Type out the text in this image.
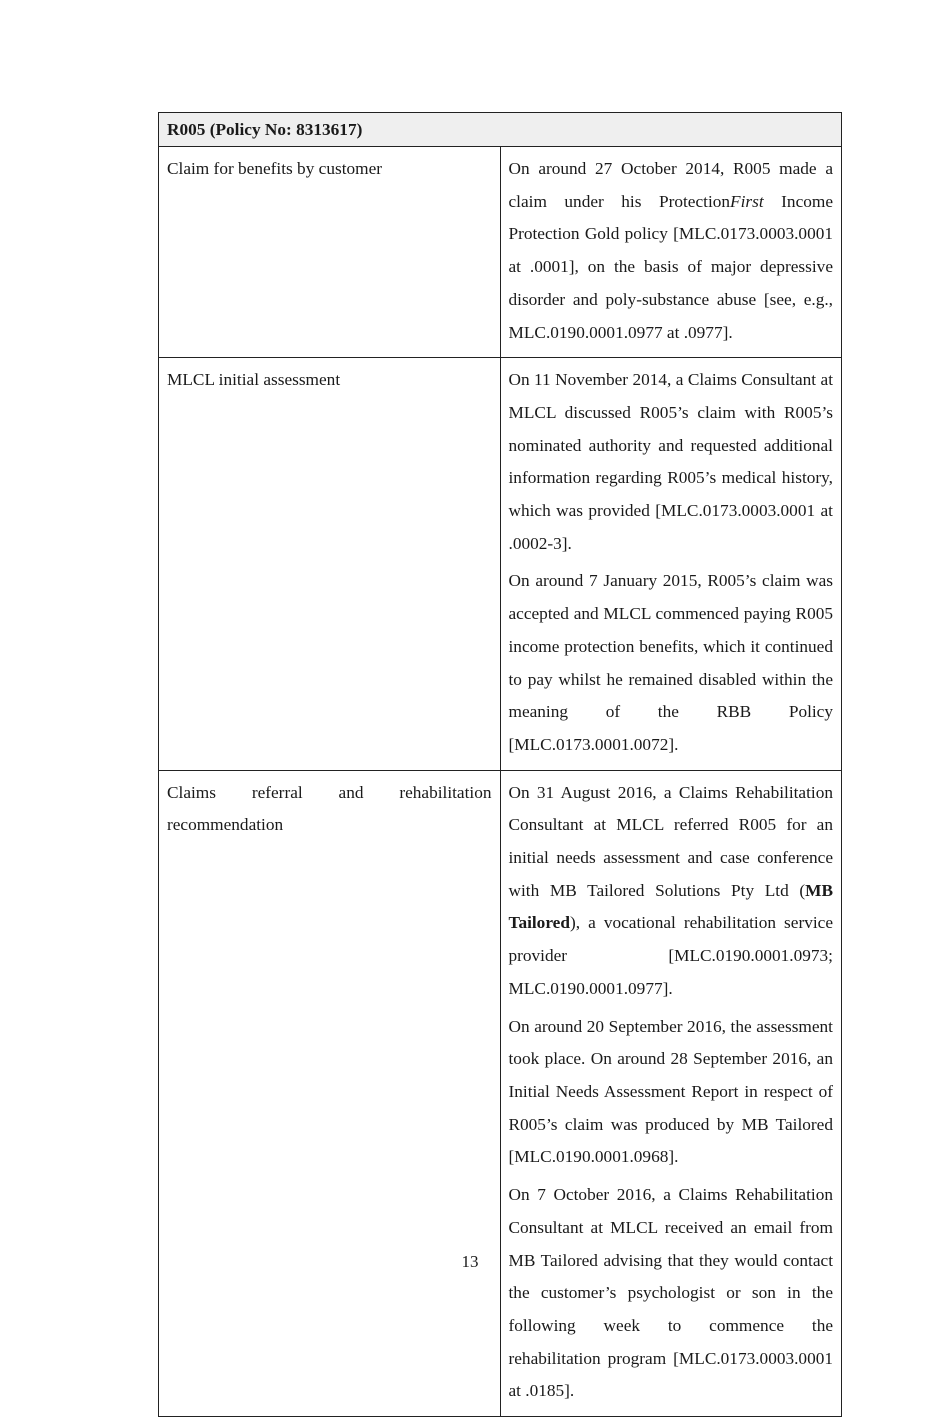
R005 (Policy No: 8313617)	

Claim for benefits by customer	On around 27 October 2014, R005 made a claim under his ProtectionFirst Income Protection Gold policy [MLC.0173.0003.0001 at .0001], on the basis of major depressive disorder and poly-substance abuse [see, e.g., MLC.0190.0001.0977 at .0977].

MLCL initial assessment	On 11 November 2014, a Claims Consultant at MLCL discussed R005’s claim with R005’s nominated authority and requested additional information regarding R005’s medical history, which was provided [MLC.0173.0003.0001 at .0002-3].

On around 7 January 2015, R005’s claim was accepted and MLCL commenced paying R005 income protection benefits, which it continued to pay whilst he remained disabled within the meaning of the RBB Policy [MLC.0173.0001.0072].

Claims referral and rehabilitation recommendation	On 31 August 2016, a Claims Rehabilitation Consultant at MLCL referred R005 for an initial needs assessment and case conference with MB Tailored Solutions Pty Ltd (MB Tailored), a vocational rehabilitation service provider [MLC.0190.0001.0973; MLC.0190.0001.0977].

On around 20 September 2016, the assessment took place. On around 28 September 2016, an Initial Needs Assessment Report in respect of R005’s claim was produced by MB Tailored [MLC.0190.0001.0968].

On 7 October 2016, a Claims Rehabilitation Consultant at MLCL received an email from MB Tailored advising that they would contact the customer’s psychologist or son in the following week to commence the rehabilitation program [MLC.0173.0003.0001 at .0185].

13
